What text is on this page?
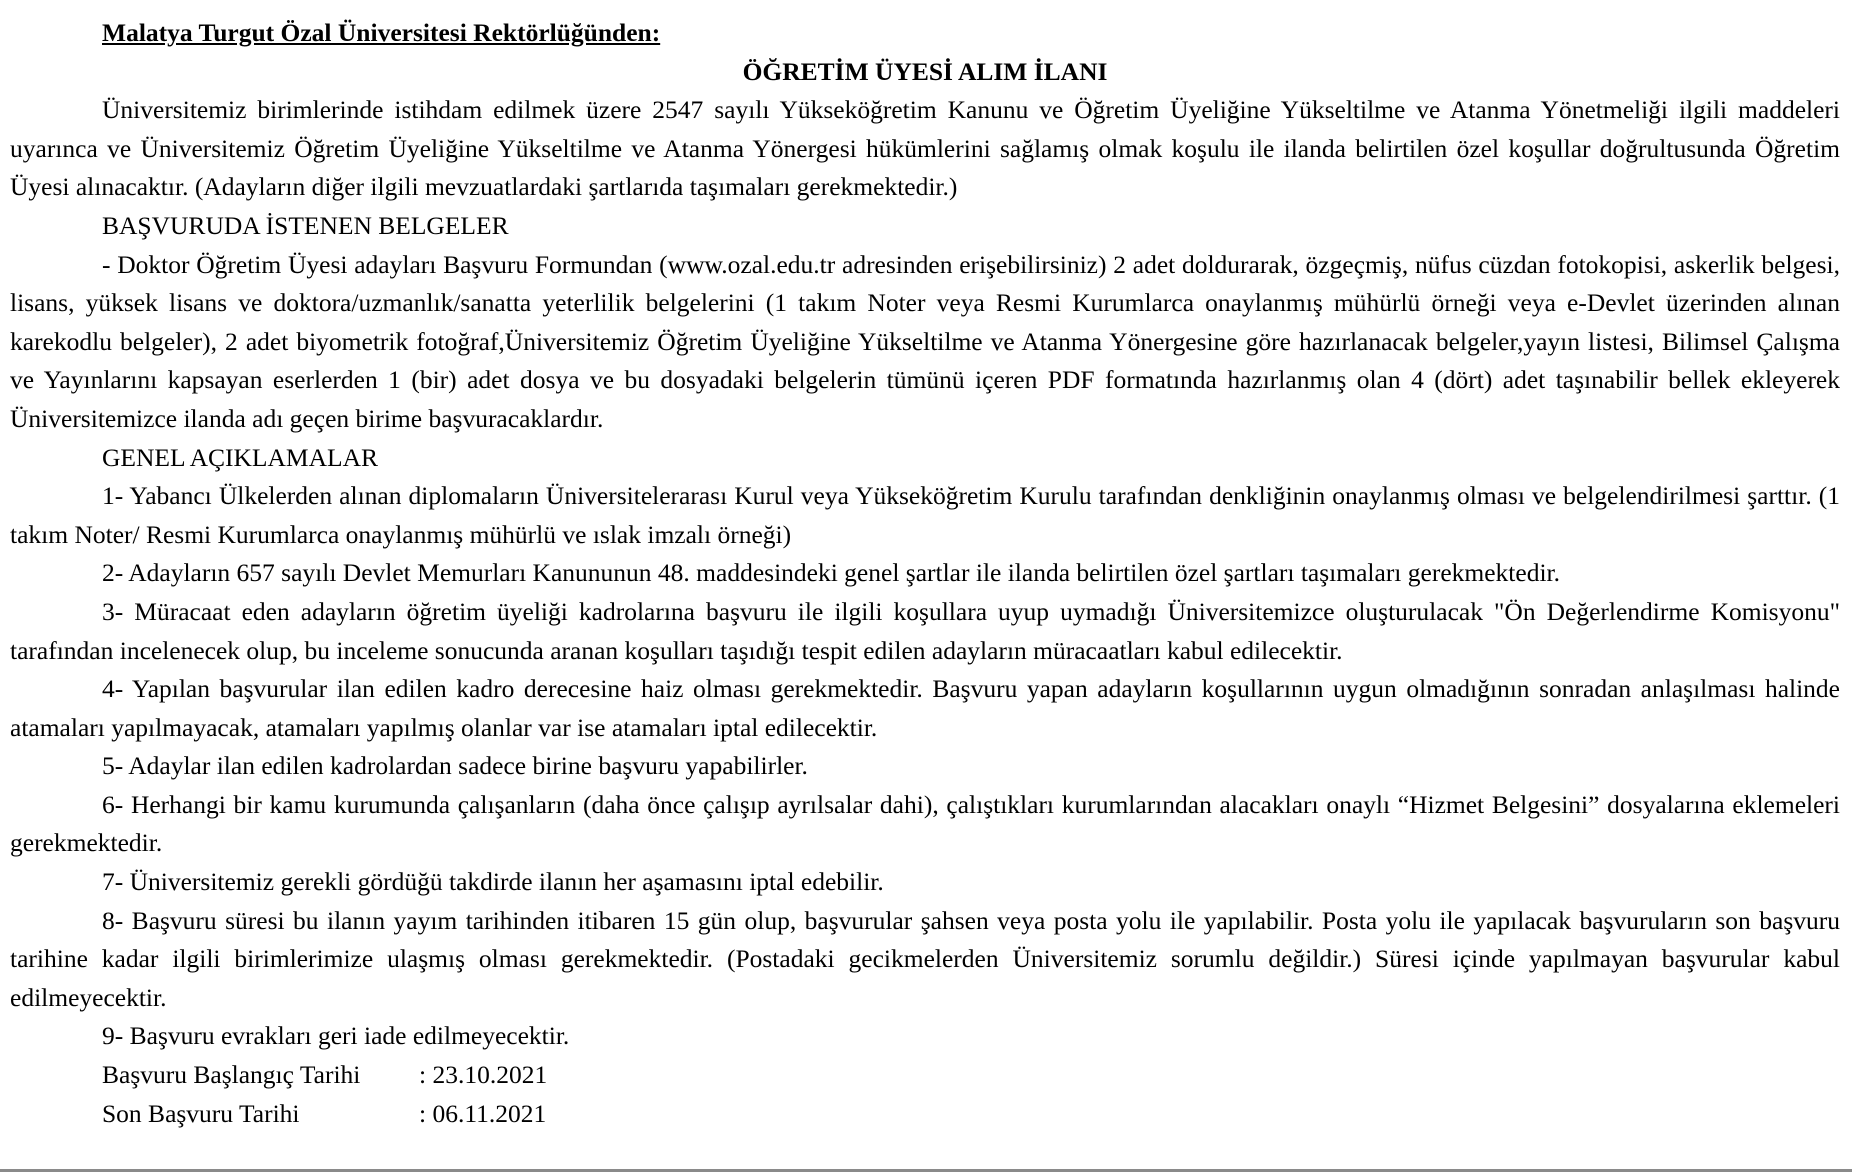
Malatya Turgut Özal Üniversitesi Rektörlüğünden:

ÖĞRETİM ÜYESİ ALIM İLANI

Üniversitemiz birimlerinde istihdam edilmek üzere 2547 sayılı Yükseköğretim Kanunu ve Öğretim Üyeliğine Yükseltilme ve Atanma Yönetmeliği ilgili maddeleri uyarınca ve Üniversitemiz Öğretim Üyeliğine Yükseltilme ve Atanma Yönergesi hükümlerini sağlamış olmak koşulu ile ilanda belirtilen özel koşullar doğrultusunda Öğretim Üyesi alınacaktır. (Adayların diğer ilgili mevzuatlardaki şartlarıda taşımaları gerekmektedir.)

BAŞVURUDA İSTENEN BELGELER

- Doktor Öğretim Üyesi adayları Başvuru Formundan (www.ozal.edu.tr adresinden erişebilirsiniz) 2 adet doldurarak, özgeçmiş, nüfus cüzdan fotokopisi, askerlik belgesi, lisans, yüksek lisans ve doktora/uzmanlık/sanatta yeterlilik belgelerini (1 takım Noter veya Resmi Kurumlarca onaylanmış mühürlü örneği veya e-Devlet üzerinden alınan karekodlu belgeler), 2 adet biyometrik fotoğraf,Üniversitemiz Öğretim Üyeliğine Yükseltilme ve Atanma Yönergesine göre hazırlanacak belgeler,yayın listesi, Bilimsel Çalışma ve Yayınlarını kapsayan eserlerden 1 (bir) adet dosya ve bu dosyadaki belgelerin tümünü içeren PDF formatında hazırlanmış olan 4 (dört) adet taşınabilir bellek ekleyerek Üniversitemizce ilanda adı geçen birime başvuracaklardır.

GENEL AÇIKLAMALAR

1- Yabancı Ülkelerden alınan diplomaların Üniversitelerarası Kurul veya Yükseköğretim Kurulu tarafından denkliğinin onaylanmış olması ve belgelendirilmesi şarttır. (1 takım Noter/ Resmi Kurumlarca onaylanmış mühürlü ve ıslak imzalı örneği)

2- Adayların 657 sayılı Devlet Memurları Kanununun 48. maddesindeki genel şartlar ile ilanda belirtilen özel şartları taşımaları gerekmektedir.

3- Müracaat eden adayların öğretim üyeliği kadrolarına başvuru ile ilgili koşullara uyup uymadığı Üniversitemizce oluşturulacak "Ön Değerlendirme Komisyonu" tarafından incelenecek olup, bu inceleme sonucunda aranan koşulları taşıdığı tespit edilen adayların müracaatları kabul edilecektir.

4- Yapılan başvurular ilan edilen kadro derecesine haiz olması gerekmektedir. Başvuru yapan adayların koşullarının uygun olmadığının sonradan anlaşılması halinde atamaları yapılmayacak, atamaları yapılmış olanlar var ise atamaları iptal edilecektir.

5- Adaylar ilan edilen kadrolardan sadece birine başvuru yapabilirler.

6- Herhangi bir kamu kurumunda çalışanların (daha önce çalışıp ayrılsalar dahi), çalıştıkları kurumlarından alacakları onaylı “Hizmet Belgesini” dosyalarına eklemeleri gerekmektedir.

7- Üniversitemiz gerekli gördüğü takdirde ilanın her aşamasını iptal edebilir.

8- Başvuru süresi bu ilanın yayım tarihinden itibaren 15 gün olup, başvurular şahsen veya posta yolu ile yapılabilir. Posta yolu ile yapılacak başvuruların son başvuru tarihine kadar ilgili birimlerimize ulaşmış olması gerekmektedir. (Postadaki gecikmelerden Üniversitemiz sorumlu değildir.) Süresi içinde yapılmayan başvurular kabul edilmeyecektir.

9- Başvuru evrakları geri iade edilmeyecektir.

Başvuru Başlangıç Tarihi	: 23.10.2021
Son Başvuru Tarihi	: 06.11.2021
